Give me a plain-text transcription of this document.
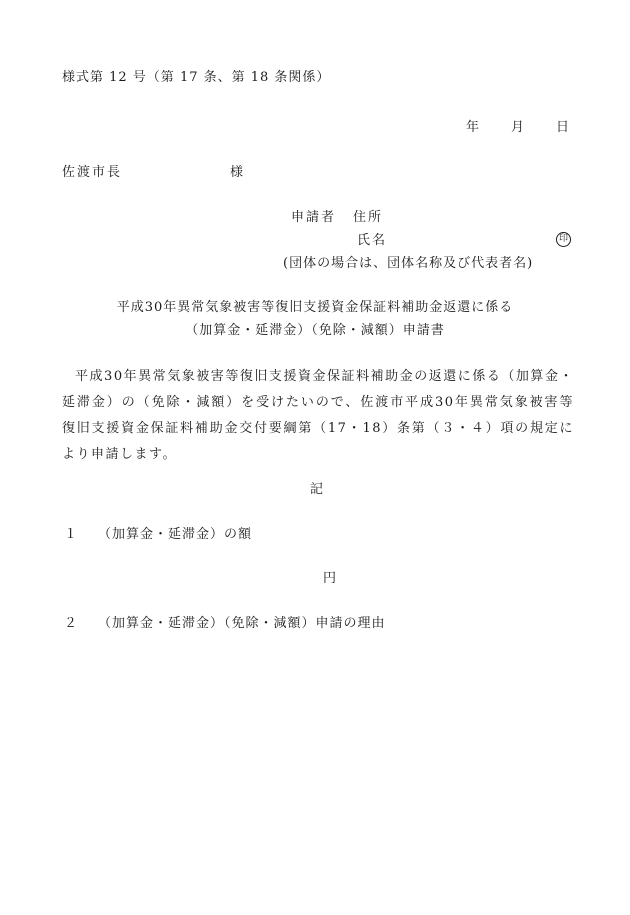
様式第 12 号（第 17 条、第 18 条関係）
年 月 日
佐渡市長	様
申請者 住所
氏名	印
(団体の場合は、団体名称及び代表者名)
平成30年異常気象被害等復旧支援資金保証料補助金返還に係る
（加算金・延滞金）（免除・減額）申請書
平成30年異常気象被害等復旧支援資金保証料補助金の返還に係る（加算金・延滞金）の（免除・減額）を受けたいので、佐渡市平成30年異常気象被害等復旧支援資金保証料補助金交付要綱第（17・18）条第（３・４）項の規定により申請します。
記
１ （加算金・延滞金）の額
円
２ （加算金・延滞金）（免除・減額）申請の理由
